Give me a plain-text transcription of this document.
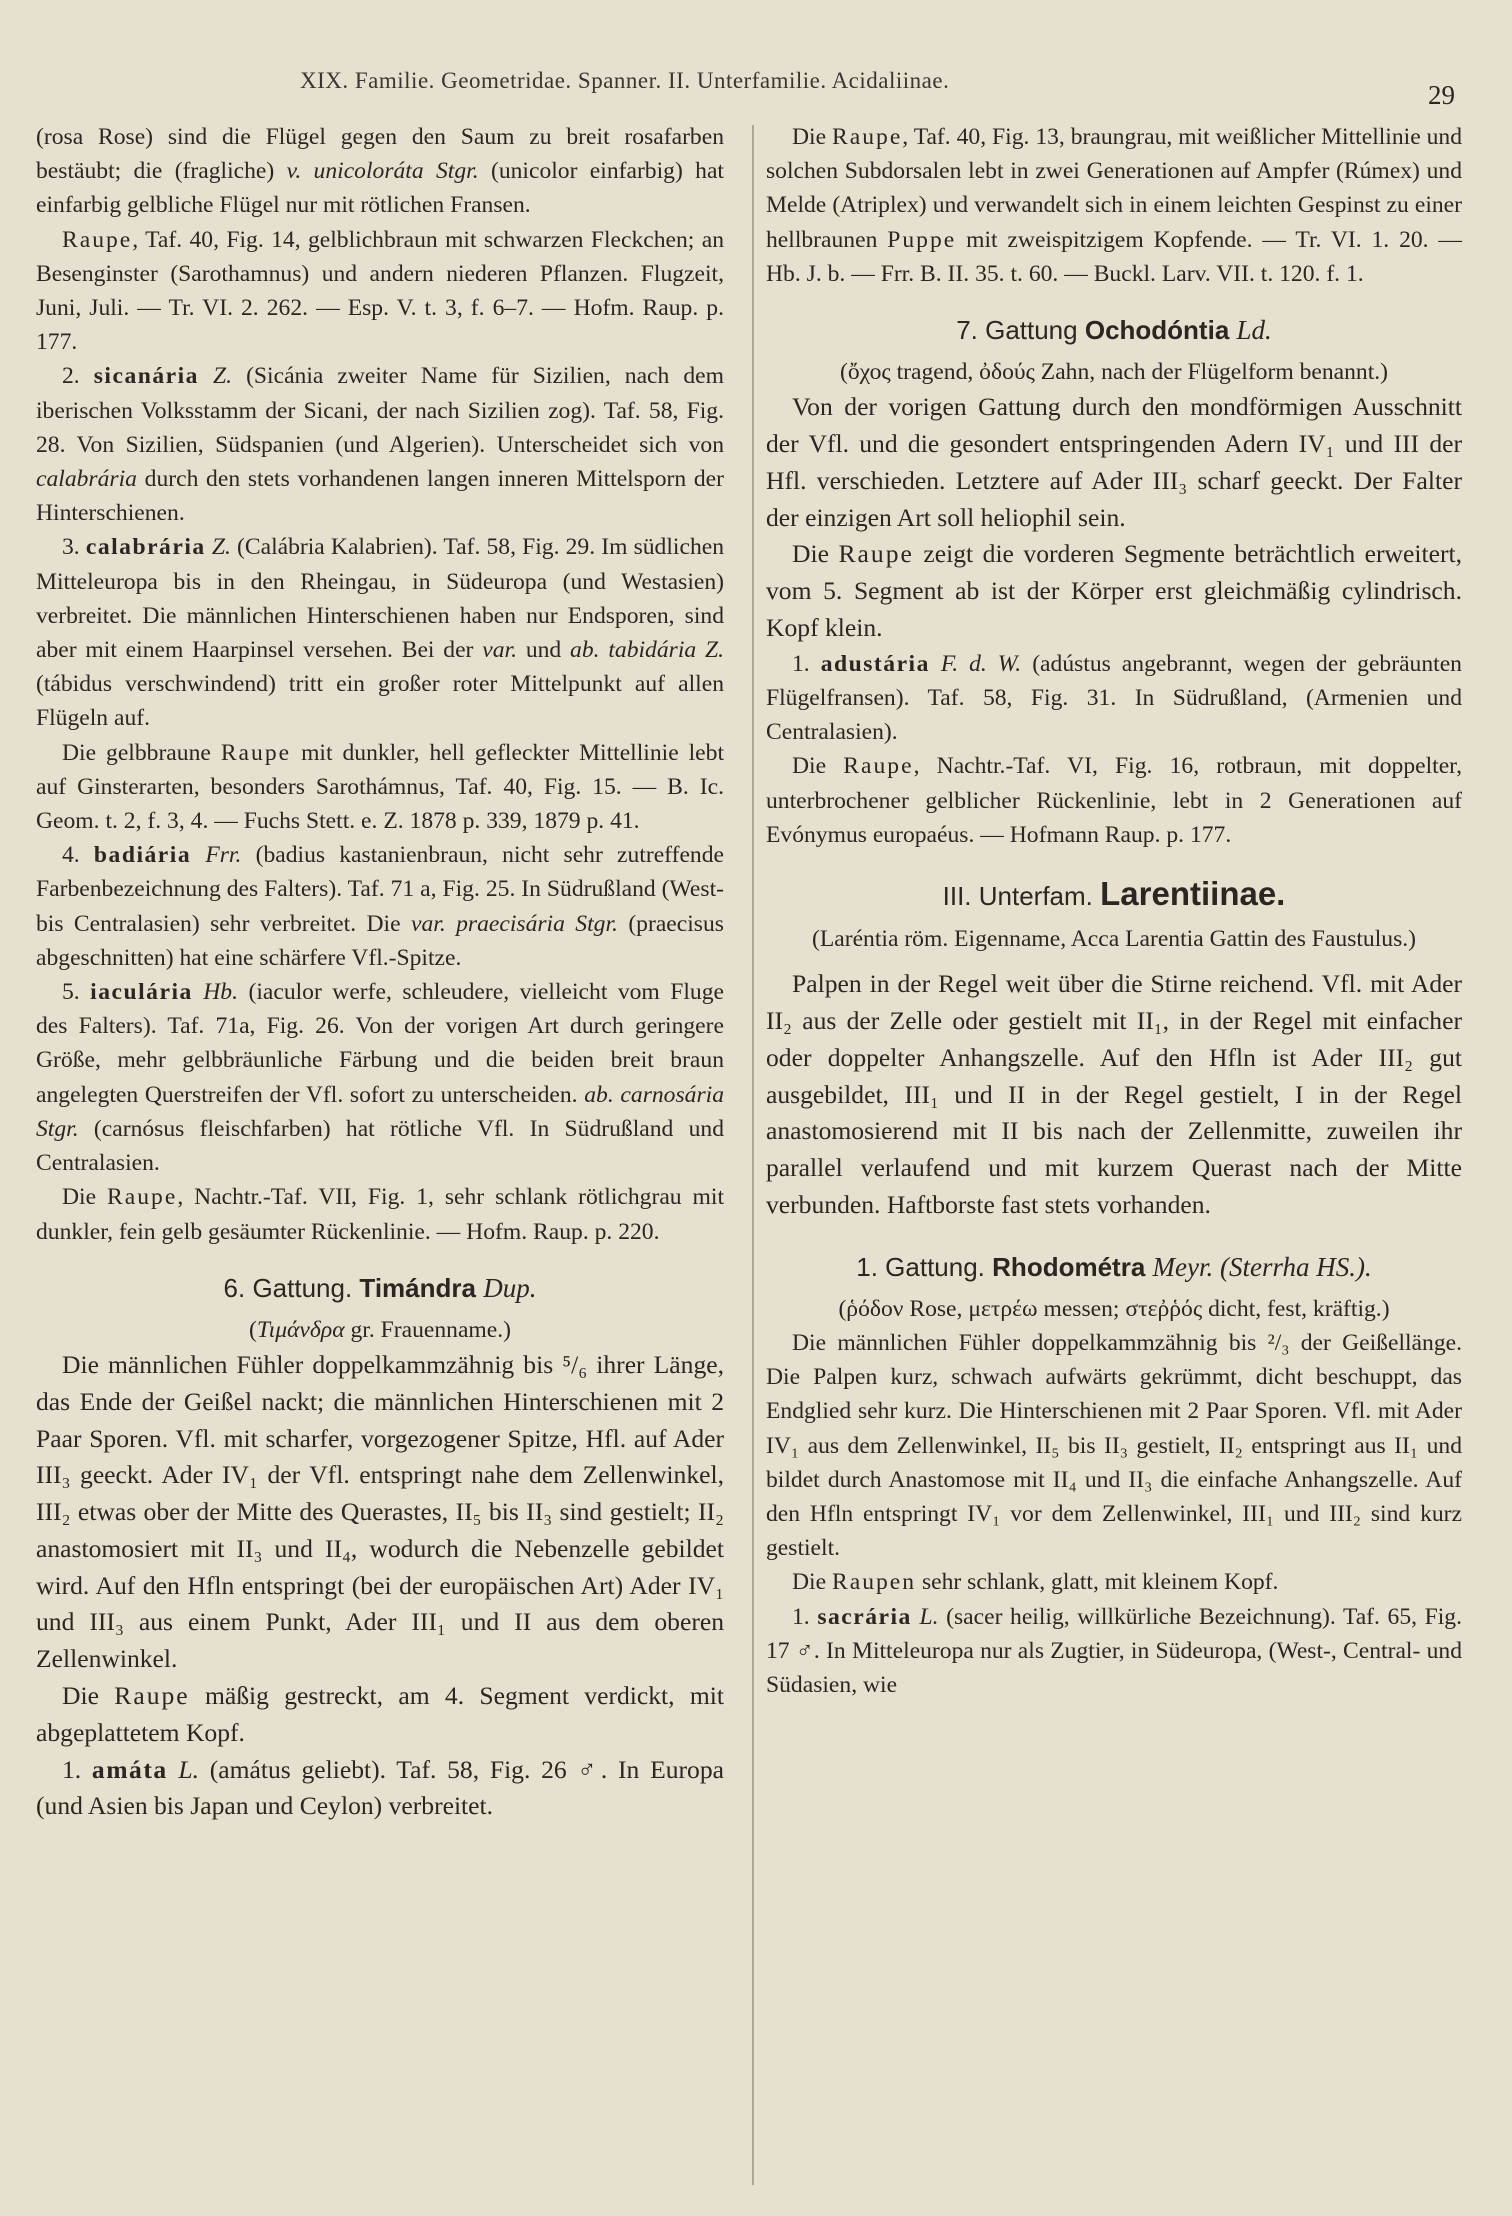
XIX. Familie. Geometridae. Spanner. II. Unterfamilie. Acidaliinae.	29

(rosa Rose) sind die Flügel gegen den Saum zu breit rosafarben bestäubt; die (fragliche) v. unicoloráta Stgr. (unicolor einfarbig) hat einfarbig gelbliche Flügel nur mit rötlichen Fransen.

Raupe, Taf. 40, Fig. 14, gelblichbraun mit schwarzen Fleckchen; an Besenginster (Sarothamnus) und andern niederen Pflanzen. Flugzeit, Juni, Juli. — Tr. VI. 2. 262. — Esp. V. t. 3, f. 6–7. — Hofm. Raup. p. 177.

2. sicanária Z. (Sicánia zweiter Name für Sizilien, nach dem iberischen Volksstamm der Sicani, der nach Sizilien zog). Taf. 58, Fig. 28. Von Sizilien, Südspanien (und Algerien). Unterscheidet sich von calabrária durch den stets vorhandenen langen inneren Mittelsporn der Hinterschienen.

3. calabrária Z. (Calábria Kalabrien). Taf. 58, Fig. 29. Im südlichen Mitteleuropa bis in den Rheingau, in Südeuropa (und Westasien) verbreitet. Die männlichen Hinterschienen haben nur Endsporen, sind aber mit einem Haarpinsel versehen. Bei der var. und ab. tabidária Z. (tábidus verschwindend) tritt ein großer roter Mittelpunkt auf allen Flügeln auf.

Die gelbbraune Raupe mit dunkler, hell gefleckter Mittellinie lebt auf Ginsterarten, besonders Sarothámnus, Taf. 40, Fig. 15. — B. Ic. Geom. t. 2, f. 3, 4. — Fuchs Stett. e. Z. 1878 p. 339, 1879 p. 41.

4. badiária Frr. (badius kastanienbraun, nicht sehr zutreffende Farbenbezeichnung des Falters). Taf. 71 a, Fig. 25. In Südrußland (West- bis Centralasien) sehr verbreitet. Die var. praecisária Stgr. (praecisus abgeschnitten) hat eine schärfere Vfl.-Spitze.

5. iaculária Hb. (iaculor werfe, schleudere, vielleicht vom Fluge des Falters). Taf. 71a, Fig. 26. Von der vorigen Art durch geringere Größe, mehr gelbbräunliche Färbung und die beiden breit braun angelegten Querstreifen der Vfl. sofort zu unterscheiden. ab. carnosária Stgr. (carnósus fleischfarben) hat rötliche Vfl. In Südrußland und Centralasien.

Die Raupe, Nachtr.-Taf. VII, Fig. 1, sehr schlank rötlichgrau mit dunkler, fein gelb gesäumter Rückenlinie. — Hofm. Raup. p. 220.

6. Gattung. Timándra Dup.

(Τιμάνδρα gr. Frauenname.)

Die männlichen Fühler doppelkammzähnig bis ⁵/₆ ihrer Länge, das Ende der Geißel nackt; die männlichen Hinterschienen mit 2 Paar Sporen. Vfl. mit scharfer, vorgezogener Spitze, Hfl. auf Ader III₃ geeckt. Ader IV₁ der Vfl. entspringt nahe dem Zellenwinkel, III₂ etwas ober der Mitte des Querastes, II₅ bis II₃ sind gestielt; II₂ anastomosiert mit II₃ und II₄, wodurch die Nebenzelle gebildet wird. Auf den Hfln entspringt (bei der europäischen Art) Ader IV₁ und III₃ aus einem Punkt, Ader III₁ und II aus dem oberen Zellenwinkel.

Die Raupe mäßig gestreckt, am 4. Segment verdickt, mit abgeplattetem Kopf.

1. amáta L. (amátus geliebt). Taf. 58, Fig. 26 ♂. In Europa (und Asien bis Japan und Ceylon) verbreitet.

Die Raupe, Taf. 40, Fig. 13, braungrau, mit weißlicher Mittellinie und solchen Subdorsalen lebt in zwei Generationen auf Ampfer (Rúmex) und Melde (Atriplex) und verwandelt sich in einem leichten Gespinst zu einer hellbraunen Puppe mit zweispitzigem Kopfende. — Tr. VI. 1. 20. — Hb. J. b. — Frr. B. II. 35. t. 60. — Buckl. Larv. VII. t. 120. f. 1.

7. Gattung Ochodóntia Ld.

(ὄχος tragend, ὀδούς Zahn, nach der Flügelform benannt.)

Von der vorigen Gattung durch den mondförmigen Ausschnitt der Vfl. und die gesondert entspringenden Adern IV₁ und III der Hfl. verschieden. Letztere auf Ader III₃ scharf geeckt. Der Falter der einzigen Art soll heliophil sein.

Die Raupe zeigt die vorderen Segmente beträchtlich erweitert, vom 5. Segment ab ist der Körper erst gleichmäßig cylindrisch. Kopf klein.

1. adustária F. d. W. (adústus angebrannt, wegen der gebräunten Flügelfransen). Taf. 58, Fig. 31. In Südrußland, (Armenien und Centralasien).

Die Raupe, Nachtr.-Taf. VI, Fig. 16, rotbraun, mit doppelter, unterbrochener gelblicher Rückenlinie, lebt in 2 Generationen auf Evónymus europaéus. — Hofmann Raup. p. 177.

III. Unterfam. Larentiinae.

(Laréntia röm. Eigenname, Acca Larentia Gattin des Faustulus.)

Palpen in der Regel weit über die Stirne reichend. Vfl. mit Ader II₂ aus der Zelle oder gestielt mit II₁, in der Regel mit einfacher oder doppelter Anhangszelle. Auf den Hfln ist Ader III₂ gut ausgebildet, III₁ und II in der Regel gestielt, I in der Regel anastomosierend mit II bis nach der Zellenmitte, zuweilen ihr parallel verlaufend und mit kurzem Querast nach der Mitte verbunden. Haftborste fast stets vorhanden.

1. Gattung. Rhodométra Meyr. (Sterrha HS.).

(ῥόδον Rose, μετρέω messen; στεῤῥός dicht, fest, kräftig.)

Die männlichen Fühler doppelkammzähnig bis ²/₃ der Geißellänge. Die Palpen kurz, schwach aufwärts gekrümmt, dicht beschuppt, das Endglied sehr kurz. Die Hinterschienen mit 2 Paar Sporen. Vfl. mit Ader IV₁ aus dem Zellenwinkel, II₅ bis II₃ gestielt, II₂ entspringt aus II₁ und bildet durch Anastomose mit II₄ und II₃ die einfache Anhangszelle. Auf den Hfln entspringt IV₁ vor dem Zellenwinkel, III₁ und III₂ sind kurz gestielt.

Die Raupen sehr schlank, glatt, mit kleinem Kopf.

1. sacrária L. (sacer heilig, willkürliche Bezeichnung). Taf. 65, Fig. 17 ♂. In Mitteleuropa nur als Zugtier, in Südeuropa, (West-, Central- und Südasien, wie
